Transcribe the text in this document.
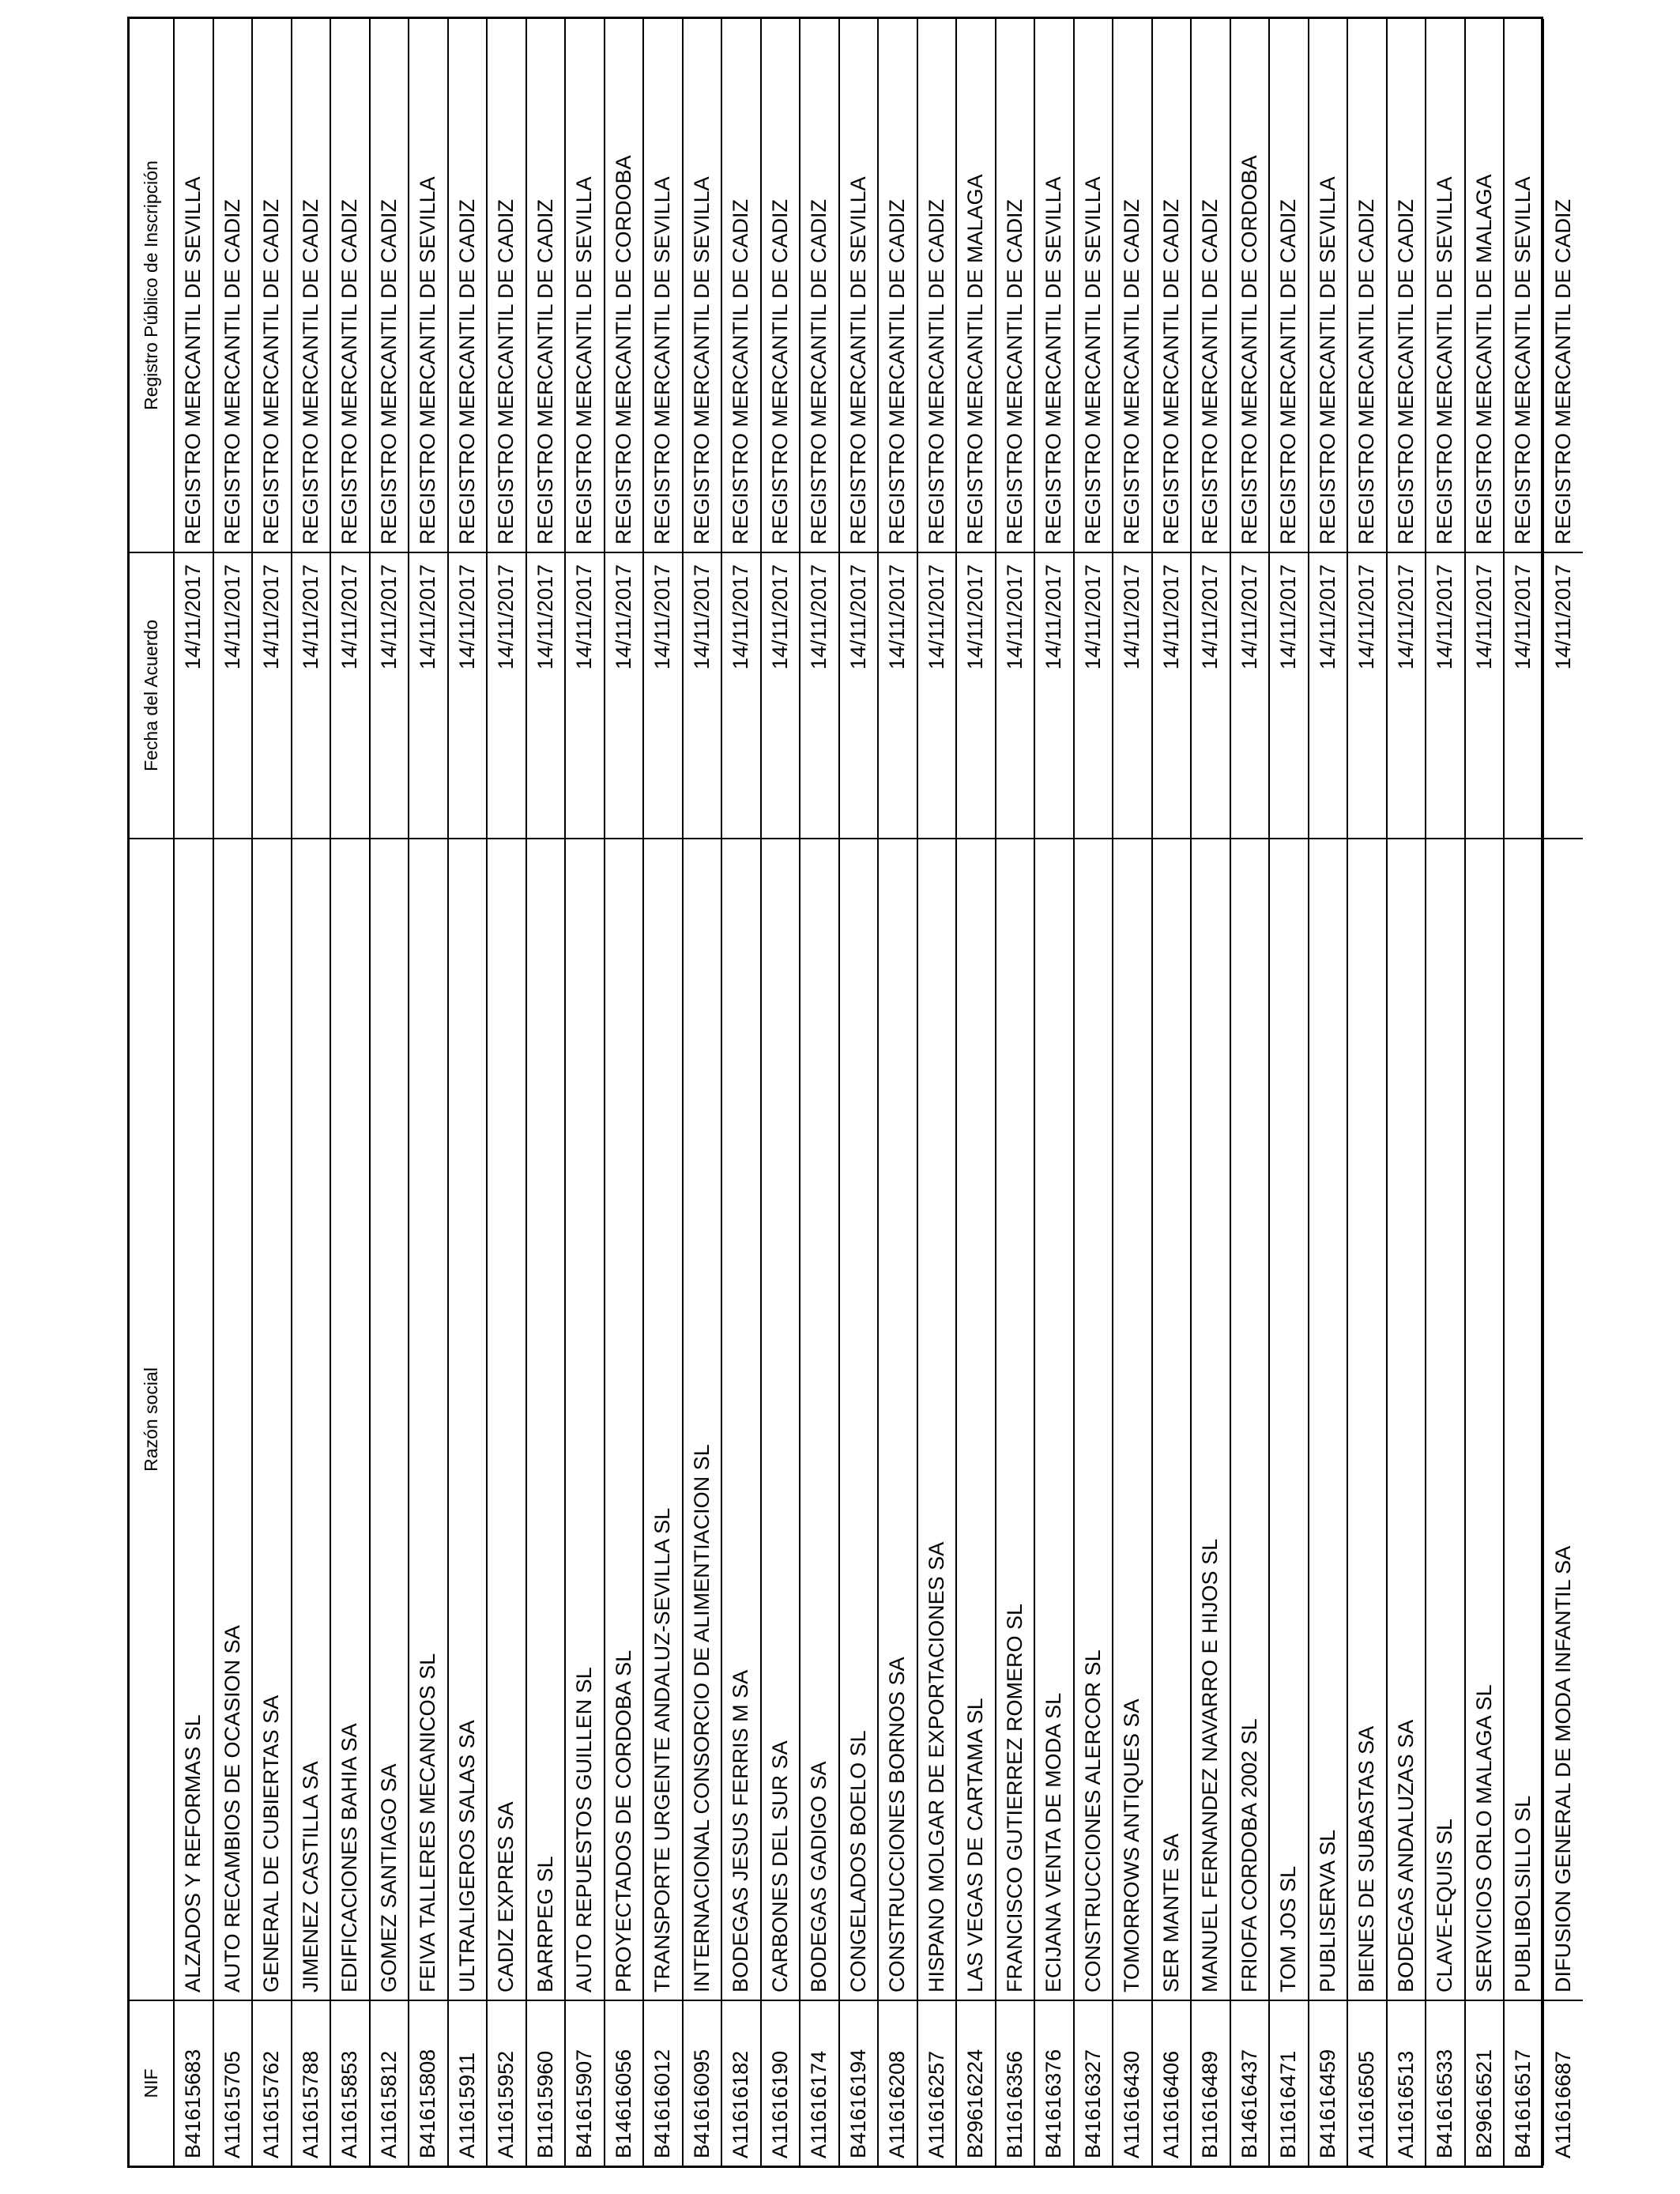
NIF
Razón social
Fecha del Acuerdo
Registro Público de Inscripción
B41615683
ALZADOS Y REFORMAS SL
14/11/2017
REGISTRO MERCANTIL DE SEVILLA
A11615705
AUTO RECAMBIOS DE OCASION SA
14/11/2017
REGISTRO MERCANTIL DE CADIZ
A11615762
GENERAL DE CUBIERTAS SA
14/11/2017
REGISTRO MERCANTIL DE CADIZ
A11615788
JIMENEZ CASTILLA SA
14/11/2017
REGISTRO MERCANTIL DE CADIZ
A11615853
EDIFICACIONES BAHIA SA
14/11/2017
REGISTRO MERCANTIL DE CADIZ
A11615812
GOMEZ SANTIAGO SA
14/11/2017
REGISTRO MERCANTIL DE CADIZ
B41615808
FEIVA TALLERES MECANICOS SL
14/11/2017
REGISTRO MERCANTIL DE SEVILLA
A11615911
ULTRALIGEROS SALAS SA
14/11/2017
REGISTRO MERCANTIL DE CADIZ
A11615952
CADIZ EXPRES SA
14/11/2017
REGISTRO MERCANTIL DE CADIZ
B11615960
BARRPEG SL
14/11/2017
REGISTRO MERCANTIL DE CADIZ
B41615907
AUTO REPUESTOS GUILLEN SL
14/11/2017
REGISTRO MERCANTIL DE SEVILLA
B14616056
PROYECTADOS DE CORDOBA SL
14/11/2017
REGISTRO MERCANTIL DE CORDOBA
B41616012
TRANSPORTE URGENTE ANDALUZ-SEVILLA SL
14/11/2017
REGISTRO MERCANTIL DE SEVILLA
B41616095
INTERNACIONAL CONSORCIO DE ALIMENTIACION SL
14/11/2017
REGISTRO MERCANTIL DE SEVILLA
A11616182
BODEGAS JESUS FERRIS M SA
14/11/2017
REGISTRO MERCANTIL DE CADIZ
A11616190
CARBONES DEL SUR SA
14/11/2017
REGISTRO MERCANTIL DE CADIZ
A11616174
BODEGAS GADIGO SA
14/11/2017
REGISTRO MERCANTIL DE CADIZ
B41616194
CONGELADOS BOELO SL
14/11/2017
REGISTRO MERCANTIL DE SEVILLA
A11616208
CONSTRUCCIONES BORNOS SA
14/11/2017
REGISTRO MERCANTIL DE CADIZ
A11616257
HISPANO MOLGAR DE EXPORTACIONES SA
14/11/2017
REGISTRO MERCANTIL DE CADIZ
B29616224
LAS VEGAS DE CARTAMA SL
14/11/2017
REGISTRO MERCANTIL DE MALAGA
B11616356
FRANCISCO GUTIERREZ ROMERO SL
14/11/2017
REGISTRO MERCANTIL DE CADIZ
B41616376
ECIJANA VENTA DE MODA SL
14/11/2017
REGISTRO MERCANTIL DE SEVILLA
B41616327
CONSTRUCCIONES ALERCOR SL
14/11/2017
REGISTRO MERCANTIL DE SEVILLA
A11616430
TOMORROWS ANTIQUES SA
14/11/2017
REGISTRO MERCANTIL DE CADIZ
A11616406
SER MANTE SA
14/11/2017
REGISTRO MERCANTIL DE CADIZ
B11616489
MANUEL FERNANDEZ NAVARRO E HIJOS SL
14/11/2017
REGISTRO MERCANTIL DE CADIZ
B14616437
FRIOFA CORDOBA 2002 SL
14/11/2017
REGISTRO MERCANTIL DE CORDOBA
B11616471
TOM JOS SL
14/11/2017
REGISTRO MERCANTIL DE CADIZ
B41616459
PUBLISERVA SL
14/11/2017
REGISTRO MERCANTIL DE SEVILLA
A11616505
BIENES DE SUBASTAS SA
14/11/2017
REGISTRO MERCANTIL DE CADIZ
A11616513
BODEGAS ANDALUZAS SA
14/11/2017
REGISTRO MERCANTIL DE CADIZ
B41616533
CLAVE-EQUIS SL
14/11/2017
REGISTRO MERCANTIL DE SEVILLA
B29616521
SERVICIOS ORLO MALAGA SL
14/11/2017
REGISTRO MERCANTIL DE MALAGA
B41616517
PUBLIBOLSILLO SL
14/11/2017
REGISTRO MERCANTIL DE SEVILLA
A11616687
DIFUSION GENERAL DE MODA INFANTIL SA
14/11/2017
REGISTRO MERCANTIL DE CADIZ
